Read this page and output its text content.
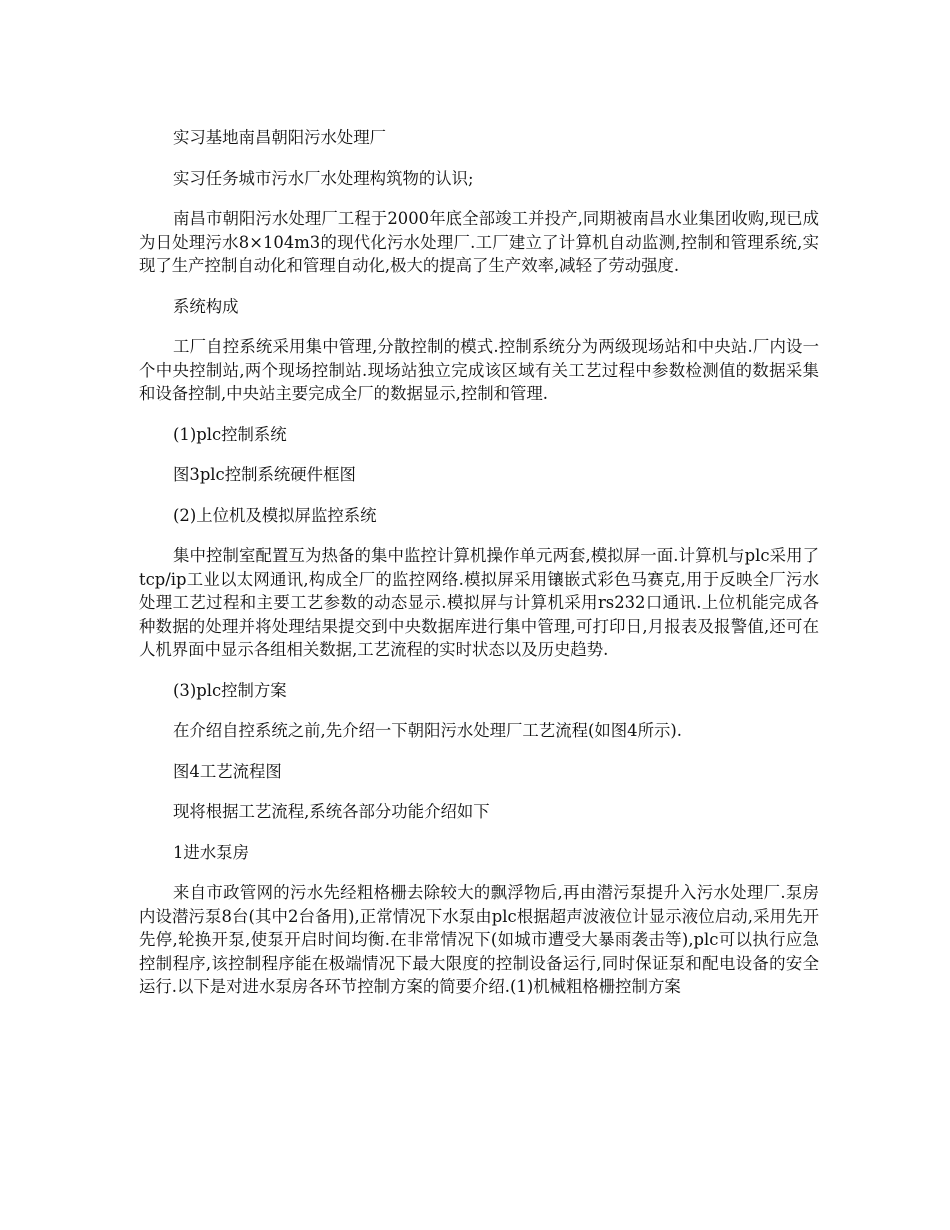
实习基地南昌朝阳污水处理厂

实习任务城市污水厂水处理构筑物的认识;

南昌市朝阳污水处理厂工程于2000年底全部竣工并投产,同期被南昌水业集团收购,现已成为日处理污水8×104m3的现代化污水处理厂.工厂建立了计算机自动监测,控制和管理系统,实现了生产控制自动化和管理自动化,极大的提高了生产效率,减轻了劳动强度.

系统构成

工厂自控系统采用集中管理,分散控制的模式.控制系统分为两级现场站和中央站.厂内设一个中央控制站,两个现场控制站.现场站独立完成该区域有关工艺过程中参数检测值的数据采集和设备控制,中央站主要完成全厂的数据显示,控制和管理.

(1)plc控制系统

图3plc控制系统硬件框图

(2)上位机及模拟屏监控系统

集中控制室配置互为热备的集中监控计算机操作单元两套,模拟屏一面.计算机与plc采用了tcp/ip工业以太网通讯,构成全厂的监控网络.模拟屏采用镶嵌式彩色马赛克,用于反映全厂污水处理工艺过程和主要工艺参数的动态显示.模拟屏与计算机采用rs232口通讯.上位机能完成各种数据的处理并将处理结果提交到中央数据库进行集中管理,可打印日,月报表及报警值,还可在人机界面中显示各组相关数据,工艺流程的实时状态以及历史趋势.

(3)plc控制方案

在介绍自控系统之前,先介绍一下朝阳污水处理厂工艺流程(如图4所示).

图4工艺流程图

现将根据工艺流程,系统各部分功能介绍如下

1进水泵房

来自市政管网的污水先经粗格栅去除较大的飘浮物后,再由潜污泵提升入污水处理厂.泵房内设潜污泵8台(其中2台备用),正常情况下水泵由plc根据超声波液位计显示液位启动,采用先开先停,轮换开泵,使泵开启时间均衡.在非常情况下(如城市遭受大暴雨袭击等),plc可以执行应急控制程序,该控制程序能在极端情况下最大限度的控制设备运行,同时保证泵和配电设备的安全运行.以下是对进水泵房各环节控制方案的简要介绍.(1)机械粗格栅控制方案
